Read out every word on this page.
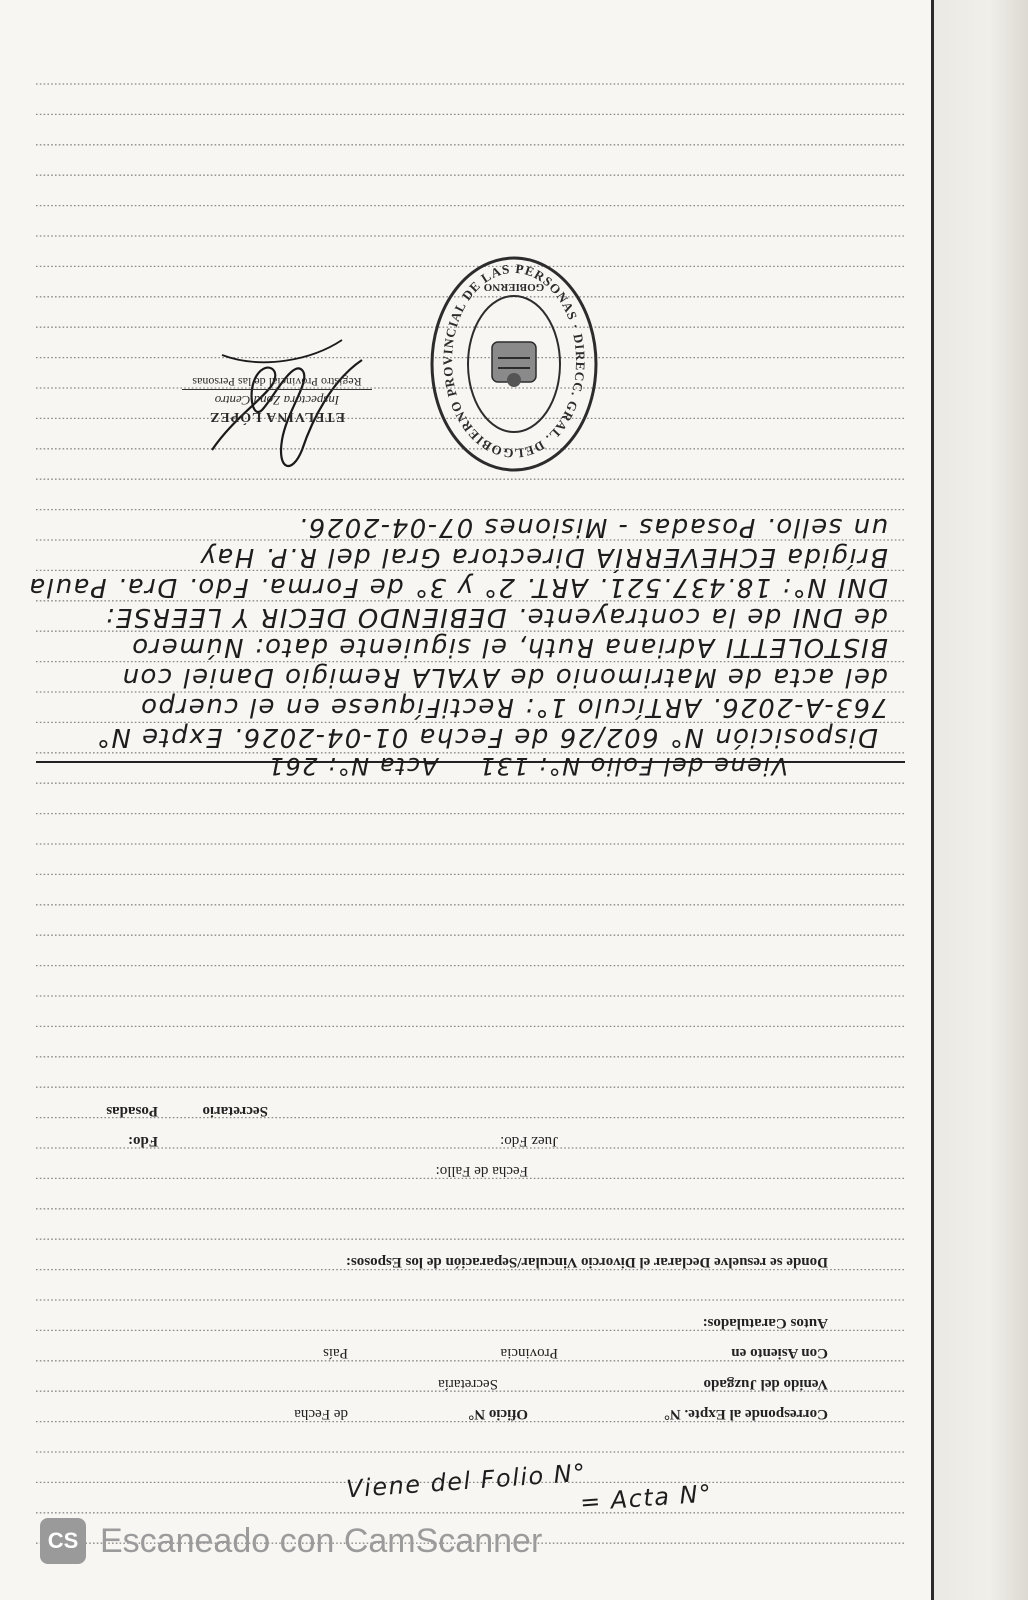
Viene del Folio N°
= Acta N°
Corresponde al Expte. N°
Oficio N°
de Fecha
Venido del Juzgado
Secretaría
Con Asiento en
Provincia
País
Autos Caratulados:
Donde se resuelve Declarar el Divorcio Vincular/Separación de los Esposos:
Fecha de Fallo:
Fdo:	Juez Fdo:
Secretario
Posadas
Viene del Folio N°: 131
Acta N°: 261
Disposición N° 602/26 de Fecha 01-04-2026. Expte N°
763-A-2026. ARTículo 1°: RectiFíquese en el cuerpo
del acta de Matrimonio de AYALA Remigio Daniel con
BISTOLETTI Adriana Ruth, el siguiente dato: Número
de DNI de la contrayente. DEBIENDO DECIR Y LEERSE:
DNI N°: 18.437.521. ART. 2° y 3° de Forma. Fdo. Dra. Paula
Brígida ECHEVERRÍA Directora Gral del R.P. Hay
un sello. Posadas - Misiones 07-04-2026.
GOBIERNO PROVINCIAL DE LAS PERSONAS · DIRECC. GRAL. DEL
GOBIERNO
ETELVINA LÓPEZ
Inspectora Zona Centro
Registro Provincial de las Personas
CS Escaneado con CamScanner
